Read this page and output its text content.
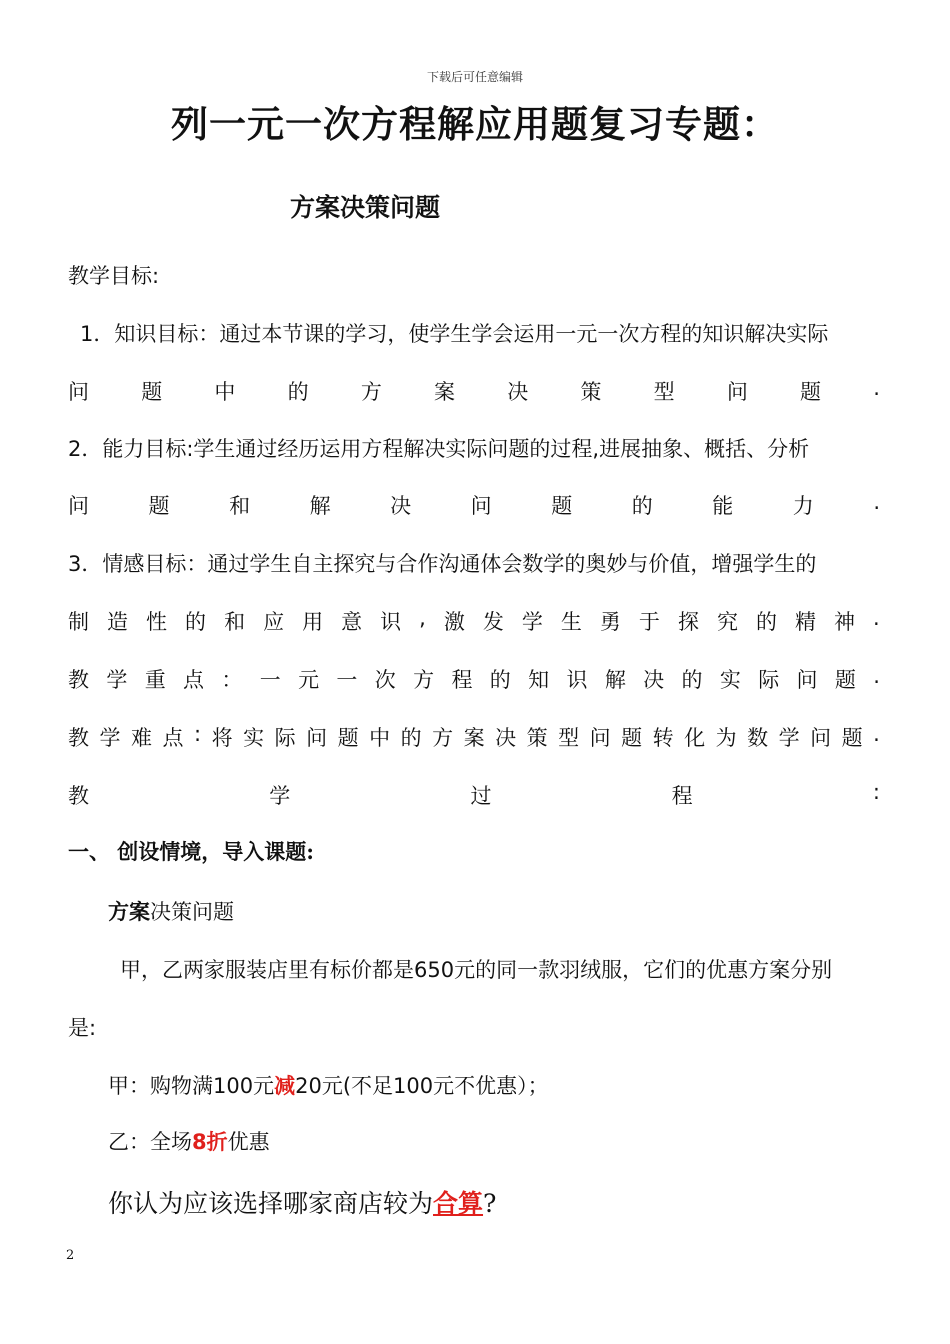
下载后可任意编辑
列一元一次方程解应用题复习专题：
方案决策问题
教学目标:
1．知识目标：通过本节课的学习，使学生学会运用一元一次方程的知识解决实际
问 题 中 的 方 案 决 策 型 问 题 .
2．能力目标:学生通过经历运用方程解决实际问题的过程,进展抽象、概括、分析
问	题	和	解	决	问	题	的	能	力	.
3．情感目标：通过学生自主探究与合作沟通体会数学的奥妙与价值，增强学生的
制 造 性 的 和 应 用 意 识 , 激 发 学 生 勇 于 探 究 的 精 神 .
教 学 重 点 ： 一 元 一 次 方 程 的 知 识 解 决 的 实 际 问 题 .
教 学 难 点 : 将 实 际 问 题 中 的 方 案 决 策 型 问 题 转 化 为 数 学 问 题 .
教	学	过	程	:
一、 创设情境，导入课题:
方案决策问题
甲，乙两家服装店里有标价都是650元的同一款羽绒服，它们的优惠方案分别
是:
甲：购物满100元减20元(不足100元不优惠）；
乙：全场8折优惠
你认为应该选择哪家商店较为合算?
2
